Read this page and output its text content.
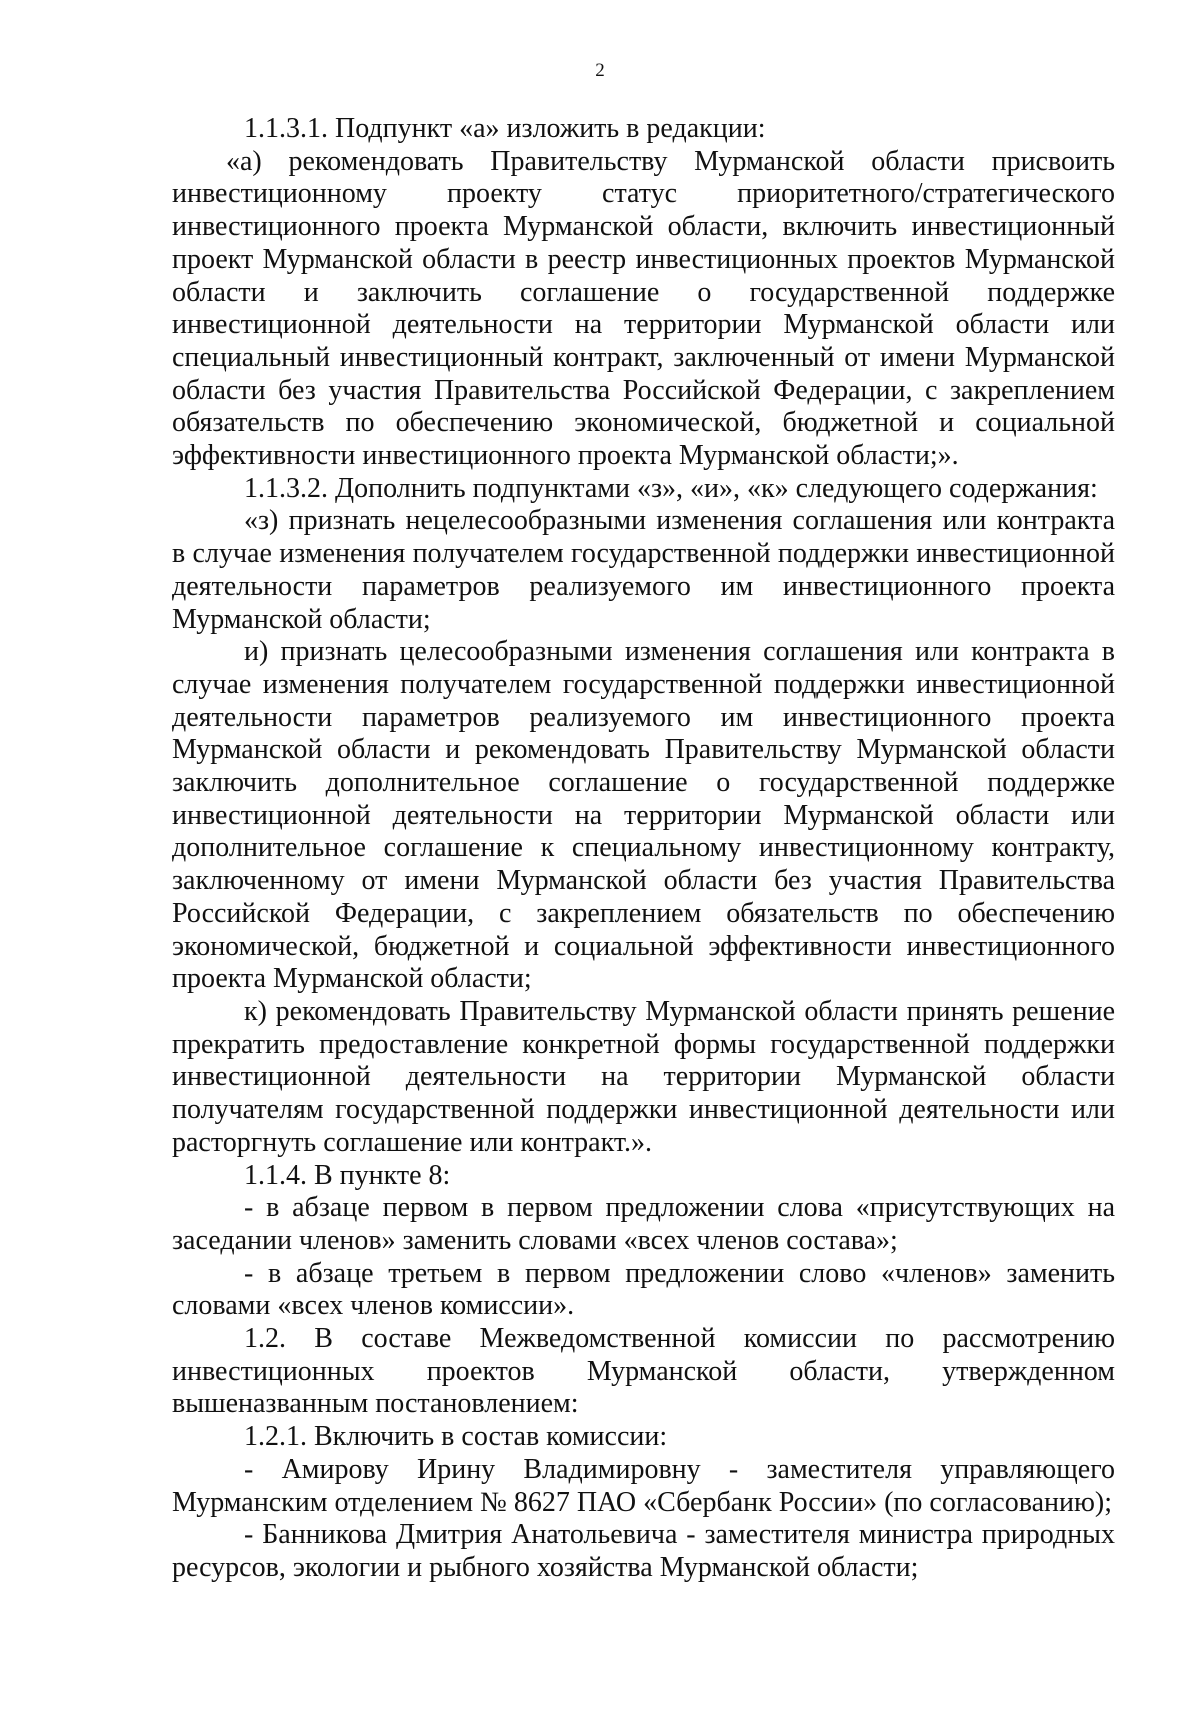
2

1.1.3.1. Подпункт «а» изложить в редакции:

«а) рекомендовать Правительству Мурманской области присвоить инвестиционному проекту статус приоритетного/стратегического инвестиционного проекта Мурманской области, включить инвестиционный проект Мурманской области в реестр инвестиционных проектов Мурманской области и заключить соглашение о государственной поддержке инвестиционной деятельности на территории Мурманской области или специальный инвестиционный контракт, заключенный от имени Мурманской области без участия Правительства Российской Федерации, с закреплением обязательств по обеспечению экономической, бюджетной и социальной эффективности инвестиционного проекта Мурманской области;».

1.1.3.2. Дополнить подпунктами «з», «и», «к» следующего содержания:

«з) признать нецелесообразными изменения соглашения или контракта в случае изменения получателем государственной поддержки инвестиционной деятельности параметров реализуемого им инвестиционного проекта Мурманской области;

и) признать целесообразными изменения соглашения или контракта в случае изменения получателем государственной поддержки инвестиционной деятельности параметров реализуемого им инвестиционного проекта Мурманской области и рекомендовать Правительству Мурманской области заключить дополнительное соглашение о государственной поддержке инвестиционной деятельности на территории Мурманской области или дополнительное соглашение к специальному инвестиционному контракту, заключенному от имени Мурманской области без участия Правительства Российской Федерации, с закреплением обязательств по обеспечению экономической, бюджетной и социальной эффективности инвестиционного проекта Мурманской области;

к) рекомендовать Правительству Мурманской области принять решение прекратить предоставление конкретной формы государственной поддержки инвестиционной деятельности на территории Мурманской области получателям государственной поддержки инвестиционной деятельности или расторгнуть соглашение или контракт.».

1.1.4. В пункте 8:

- в абзаце первом в первом предложении слова «присутствующих на заседании членов» заменить словами «всех членов состава»;

- в абзаце третьем в первом предложении слово «членов» заменить словами «всех членов комиссии».

1.2. В составе Межведомственной комиссии по рассмотрению инвестиционных проектов Мурманской области, утвержденном вышеназванным постановлением:

1.2.1. Включить в состав комиссии:

- Амирову Ирину Владимировну - заместителя управляющего Мурманским отделением № 8627 ПАО «Сбербанк России» (по согласованию);

- Банникова Дмитрия Анатольевича - заместителя министра природных ресурсов, экологии и рыбного хозяйства Мурманской области;
